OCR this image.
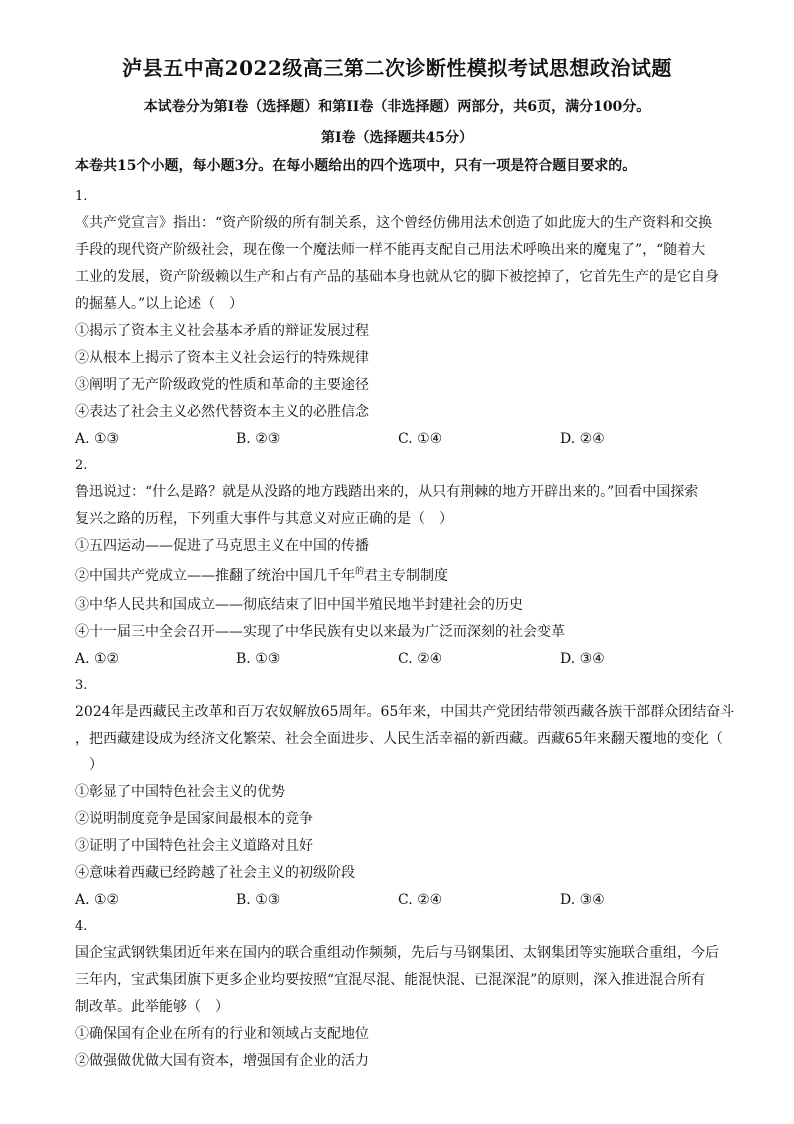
泸县五中高2022级高三第二次诊断性模拟考试思想政治试题
本试卷分为第I卷（选择题）和第II卷（非选择题）两部分，共6页，满分100分。
第I卷（选择题共45分）
本卷共15个小题，每小题3分。在每小题给出的四个选项中，只有一项是符合题目要求的。
1.
《共产党宣言》指出：“资产阶级的所有制关系，这个曾经仿佛用法术创造了如此庞大的生产资料和交换
手段的现代资产阶级社会，现在像一个魔法师一样不能再支配自己用法术呼唤出来的魔鬼了”，“随着大
工业的发展，资产阶级赖以生产和占有产品的基础本身也就从它的脚下被挖掉了，它首先生产的是它自身
的掘墓人。”以上论述（　）
①揭示了资本主义社会基本矛盾的辩证发展过程
②从根本上揭示了资本主义社会运行的特殊规律
③阐明了无产阶级政党的性质和革命的主要途径
④表达了社会主义必然代替资本主义的必胜信念
A. ①③	B. ②③	C. ①④	D. ②④
2.
鲁迅说过：“什么是路？就是从没路的地方践踏出来的，从只有荆棘的地方开辟出来的。”回看中国探索
复兴之路的历程，下列重大事件与其意义对应正确的是（　）
①五四运动——促进了马克思主义在中国的传播
②中国共产党成立——推翻了统治中国几千年$^的$君主专制制度
③中华人民共和国成立——彻底结束了旧中国半殖民地半封建社会的历史
④十一届三中全会召开——实现了中华民族有史以来最为广泛而深刻的社会变革
A. ①②	B. ①③	C. ②④	D. ③④
3.
2024年是西藏民主改革和百万农奴解放65周年。65年来，中国共产党团结带领西藏各族干部群众团结奋斗
，把西藏建设成为经济文化繁荣、社会全面进步、人民生活幸福的新西藏。西藏65年来翻天覆地的变化（
　）
①彰显了中国特色社会主义的优势
②说明制度竞争是国家间最根本的竞争
③证明了中国特色社会主义道路对且好
④意味着西藏已经跨越了社会主义的初级阶段
A. ①②	B. ①③	C. ②④	D. ③④
4.
国企宝武钢铁集团近年来在国内的联合重组动作频频，先后与马钢集团、太钢集团等实施联合重组，今后
三年内，宝武集团旗下更多企业均要按照“宜混尽混、能混快混、已混深混”的原则，深入推进混合所有
制改革。此举能够（　）
①确保国有企业在所有的行业和领域占支配地位
②做强做优做大国有资本，增强国有企业的活力
